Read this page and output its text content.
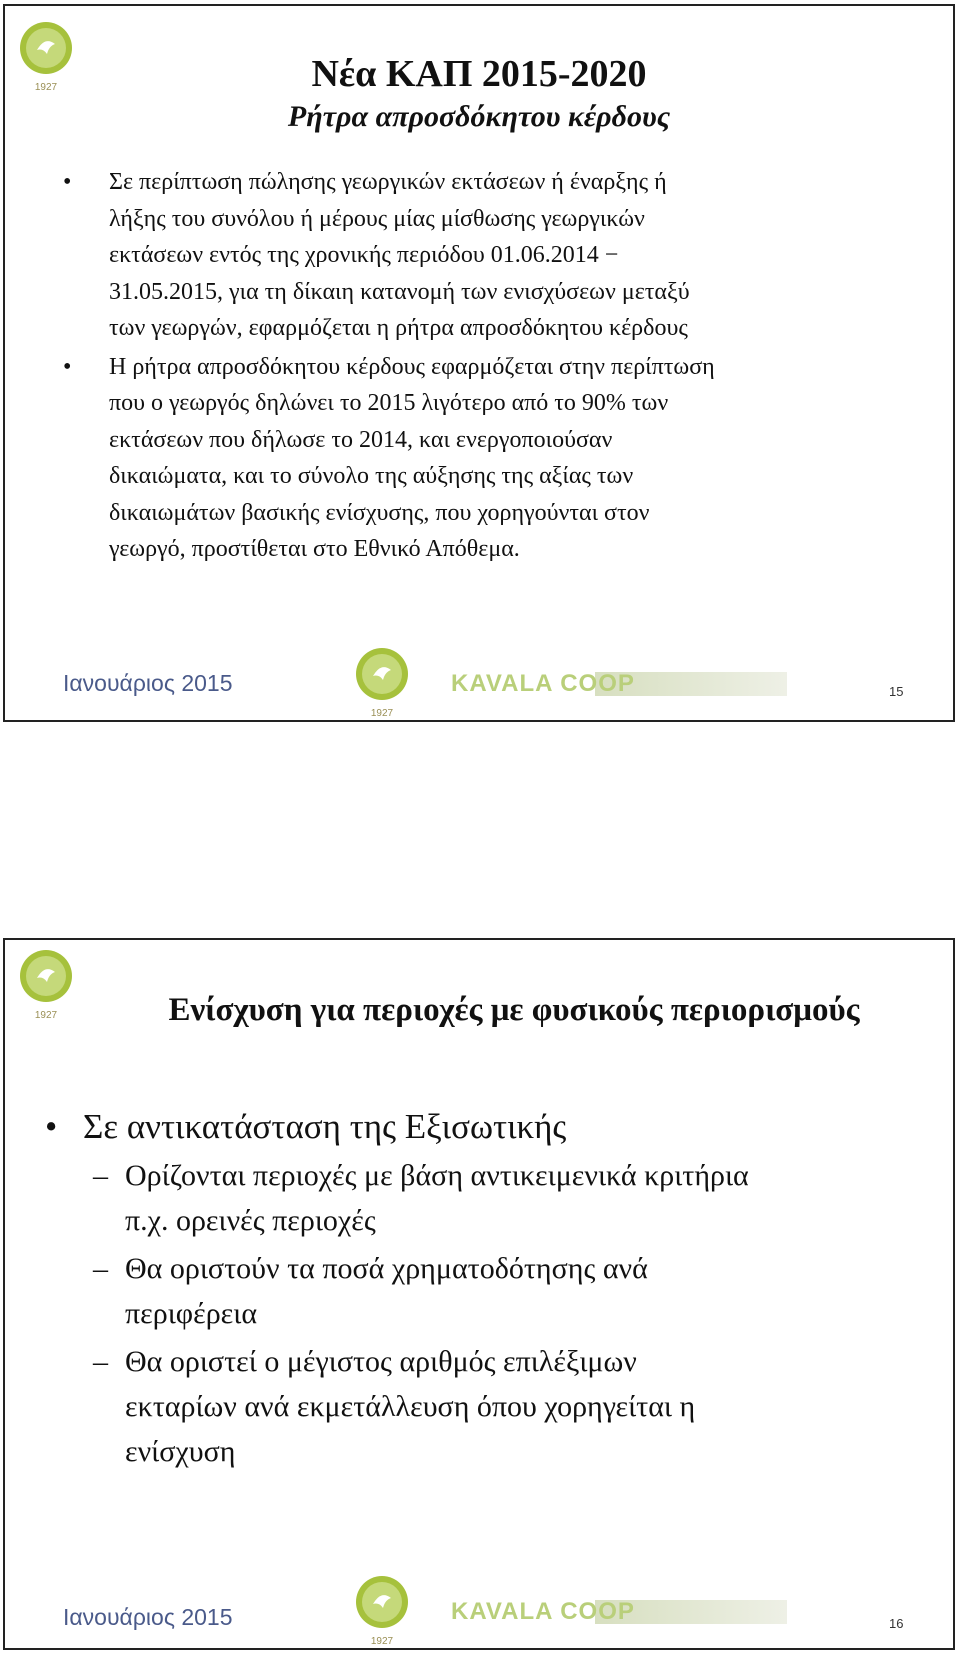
1927	Νέα ΚΑΠ 2015-2020
Ρήτρα απροσδόκητου κέρδους
• Σε περίπτωση πώλησης γεωργικών εκτάσεων ή έναρξης ή
λήξης του συνόλου ή μέρους μίας μίσθωσης γεωργικών
εκτάσεων εντός της χρονικής περιόδου 01.06.2014 −
31.05.2015, για τη δίκαιη κατανομή των ενισχύσεων μεταξύ
των γεωργών, εφαρμόζεται η ρήτρα απροσδόκητου κέρδους
• Η ρήτρα απροσδόκητου κέρδους εφαρμόζεται στην περίπτωση
που ο γεωργός δηλώνει το 2015 λιγότερο από το 90% των
εκτάσεων που δήλωσε το 2014, και ενεργοποιούσαν
δικαιώματα, και το σύνολο της αύξησης της αξίας των
δικαιωμάτων βασικής ενίσχυσης, που χορηγούνται στον
γεωργό, προστίθεται στο Εθνικό Απόθεμα.
Ιανουάριος 2015
1927
KAVALA COOP	15
1927	Ενίσχυση για περιοχές με φυσικούς περιορισμούς
• Σε αντικατάσταση της Εξισωτικής
– Ορίζονται περιοχές με βάση αντικειμενικά κριτήρια
π.χ. ορεινές περιοχές
– Θα οριστούν τα ποσά χρηματοδότησης ανά
περιφέρεια
– Θα οριστεί ο μέγιστος αριθμός επιλέξιμων
εκταρίων ανά εκμετάλλευση όπου χορηγείται η
ενίσχυση
Ιανουάριος 2015
1927
KAVALA COOP	16
